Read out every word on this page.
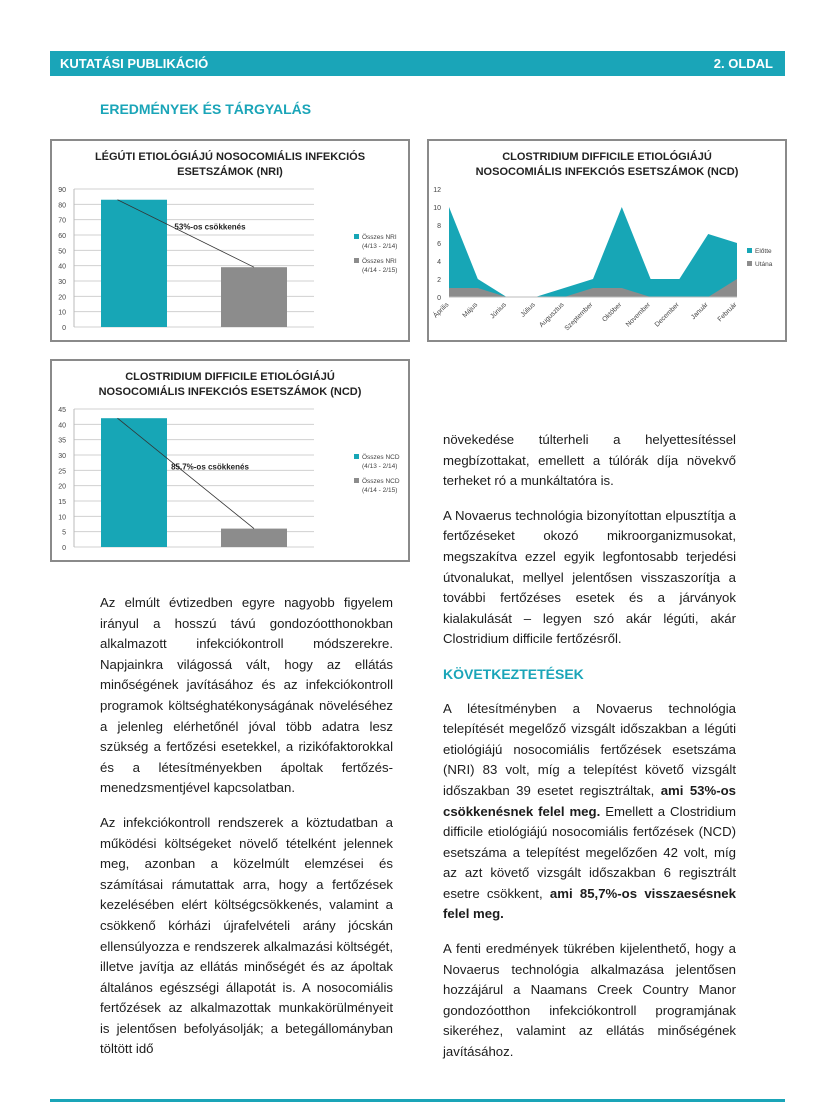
KUTATÁSI PUBLIKÁCIÓ	2. OLDAL
EREDMÉNYEK ÉS TÁRGYALÁS
LÉGÚTI ETIOLÓGIÁJÚ NOSOCOMIÁLIS INFEKCIÓS
ESETSZÁMOK (NRI)
0
10
20
30
40
50
60
70
80
90
53%-os csökkenés
Összes NRI
(4/13 - 2/14)
Összes NRI
(4/14 - 2/15)
CLOSTRIDIUM DIFFICILE ETIOLÓGIÁJÚ
NOSOCOMIÁLIS INFEKCIÓS ESETSZÁMOK (NCD)
0
2
4
6
8
10
12
Április Május Június Július Augusztus
Szeptember Október November December Január Február
Előtte
Utána
CLOSTRIDIUM DIFFICILE ETIOLÓGIÁJÚ
NOSOCOMIÁLIS INFEKCIÓS ESETSZÁMOK (NCD)
0
5
10
15
20
25
30
35
40
45
85.7%-os csökkenés
Összes NCD
(4/13 - 2/14)
Összes NCD
(4/14 - 2/15)

Az elmúlt évtizedben egyre nagyobb figyelem irányul a hosszú távú gondozóotthonokban alkalmazott infekciókontroll módszerekre. Napjainkra világossá vált, hogy az ellátás minőségének javításához és az infekciókontroll programok költséghatékonyságának növeléséhez a jelenleg elérhetőnél jóval több adatra lesz szükség a fertőzési esetekkel, a rizikófaktorokkal és a létesítményekben ápoltak fertőzés-menedzsmentjével kapcsolatban.

Az infekciókontroll rendszerek a köztudatban a működési költségeket növelő tételként jelennek meg, azonban a közelmúlt elemzései és számításai rámutattak arra, hogy a fertőzések kezelésében elért költségcsökkenés, valamint a csökkenő kórházi újrafelvételi arány jócskán ellensúlyozza e rendszerek alkalmazási költségét, illetve javítja az ellátás minőségét és az ápoltak általános egészségi állapotát is. A nosocomiális fertőzések az alkalmazottak munkakörülményeit is jelentősen befolyásolják; a betegállományban töltött idő

növekedése túlterheli a helyettesítéssel megbízottakat, emellett a túlórák díja növekvő terheket ró a munkáltatóra is.

A Novaerus technológia bizonyítottan elpusztítja a fertőzéseket okozó mikroorganizmusokat, megszakítva ezzel egyik legfontosabb terjedési útvonalukat, mellyel jelentősen visszaszorítja a további fertőzéses esetek és a járványok kialakulását – legyen szó akár légúti, akár Clostridium difficile fertőzésről.

KÖVETKEZTETÉSEK

A létesítményben a Novaerus technológia telepítését megelőző vizsgált időszakban a légúti etiológiájú nosocomiális fertőzések esetszáma (NRI) 83 volt, míg a telepítést követő vizsgált időszakban 39 esetet regisztráltak, ami 53%-os csökkenésnek felel meg. Emellett a Clostridium difficile etiológiájú nosocomiális fertőzések (NCD) esetszáma a telepítést megelőzően 42 volt, míg az azt követő vizsgált időszakban 6 regisztrált esetre csökkent, ami 85,7%-os visszaesésnek felel meg.

A fenti eredmények tükrében kijelenthető, hogy a Novaerus technológia alkalmazása jelentősen hozzájárul a Naamans Creek Country Manor gondozóotthon infekciókontroll programjának sikeréhez, valamint az ellátás minőségének javításához.
